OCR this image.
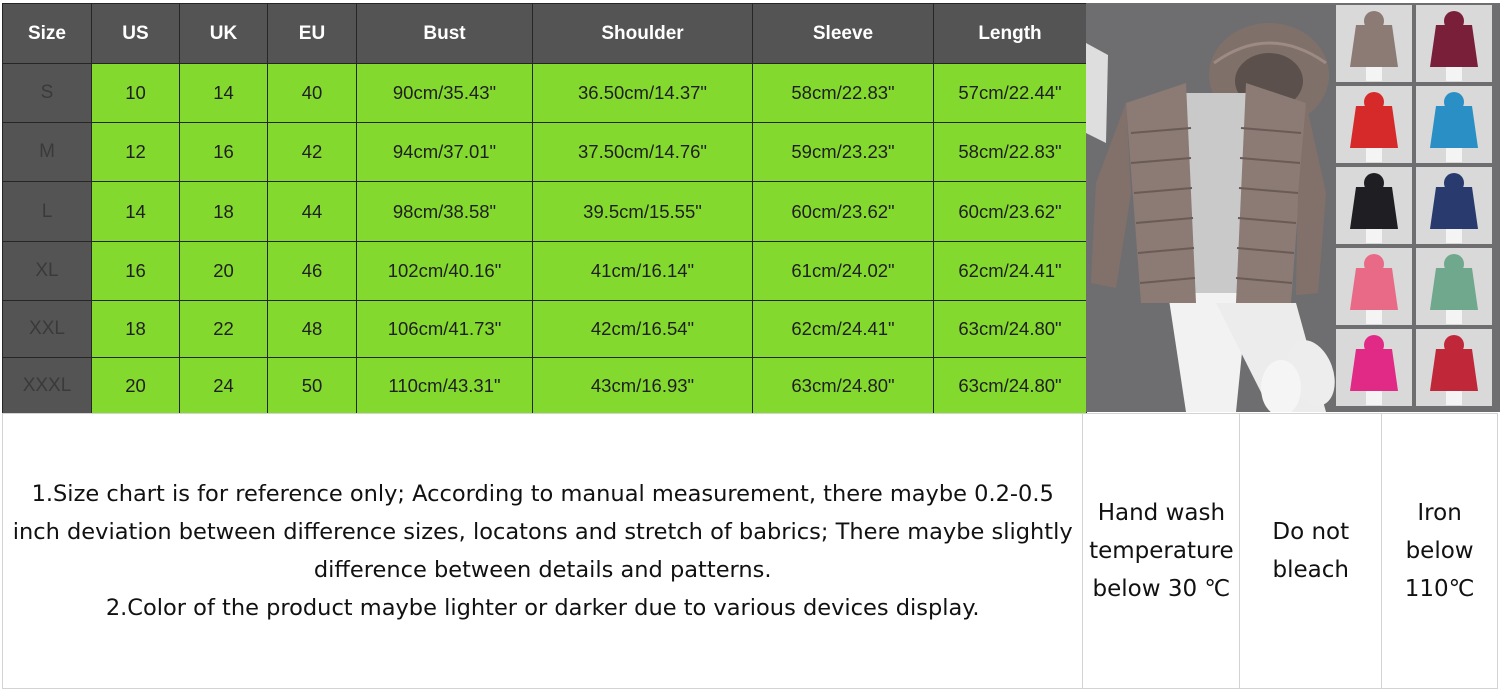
Size	US	UK	EU	Bust	Shoulder	Sleeve	Length
S	10	14	40	90cm/35.43"	36.50cm/14.37"	58cm/22.83"	57cm/22.44"
M	12	16	42	94cm/37.01"	37.50cm/14.76"	59cm/23.23"	58cm/22.83"
L	14	18	44	98cm/38.58"	39.5cm/15.55"	60cm/23.62"	60cm/23.62"
XL	16	20	46	102cm/40.16"	41cm/16.14"	61cm/24.02"	62cm/24.41"
XXL	18	22	48	106cm/41.73"	42cm/16.54"	62cm/24.41"	63cm/24.80"
XXXL	20	24	50	110cm/43.31"	43cm/16.93"	63cm/24.80"	63cm/24.80"

1.Size chart is for reference only; According to manual measurement, there maybe 0.2-0.5 inch deviation between difference sizes, locatons and stretch of babrics; There maybe slightly difference between details and patterns.

2.Color of the product maybe lighter or darker due to various devices display.

Hand wash temperature below 30 ℃
Do not bleach
Iron below 110℃
